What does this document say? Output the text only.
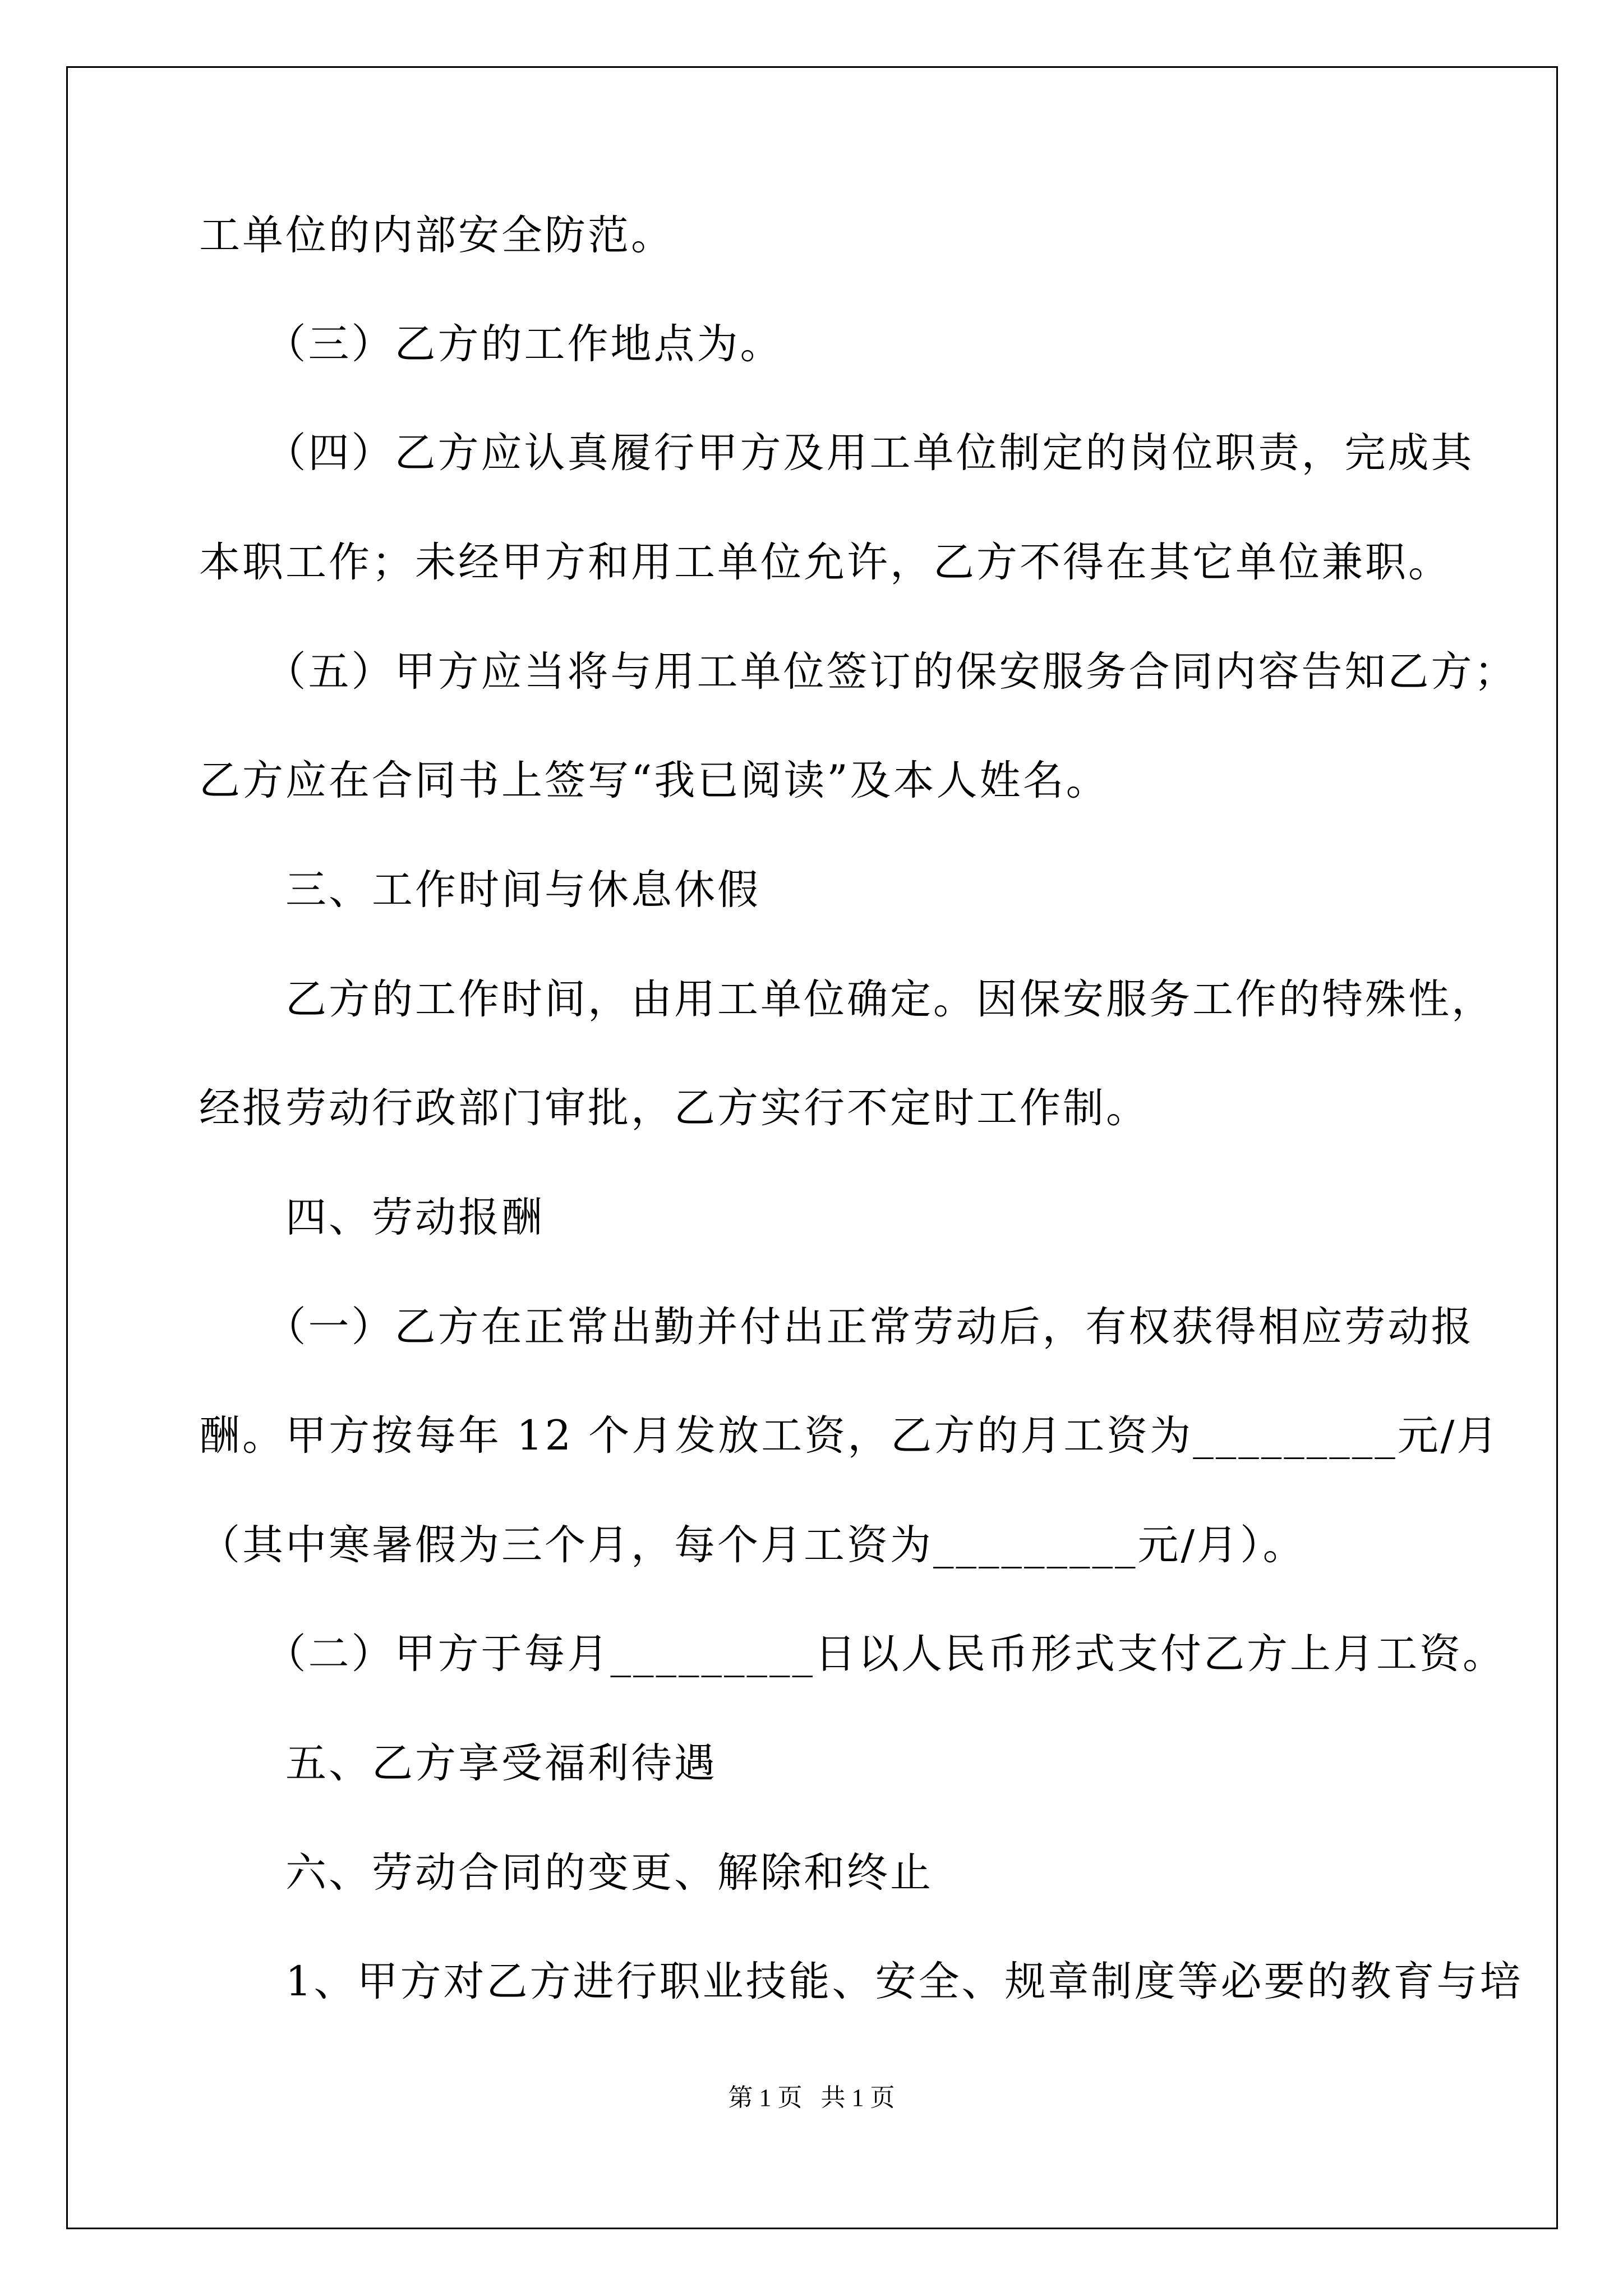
工单位的内部安全防范。
　　（三）乙方的工作地点为。
　　（四）乙方应认真履行甲方及用工单位制定的岗位职责，完成其
本职工作；未经甲方和用工单位允许，乙方不得在其它单位兼职。
　　（五）甲方应当将与用工单位签订的保安服务合同内容告知乙方；
乙方应在合同书上签写“我已阅读”及本人姓名。
　　三、工作时间与休息休假
　　乙方的工作时间，由用工单位确定。因保安服务工作的特殊性，
经报劳动行政部门审批，乙方实行不定时工作制。
　　四、劳动报酬
　　（一）乙方在正常出勤并付出正常劳动后，有权获得相应劳动报
酬。甲方按每年 12 个月发放工资，乙方的月工资为_________元/月
（其中寒暑假为三个月，每个月工资为_________元/月）。
　　（二）甲方于每月_________日以人民币形式支付乙方上月工资。
　　五、乙方享受福利待遇
　　六、劳动合同的变更、解除和终止
　　1、甲方对乙方进行职业技能、安全、规章制度等必要的教育与培
第 1 页   共 1 页
